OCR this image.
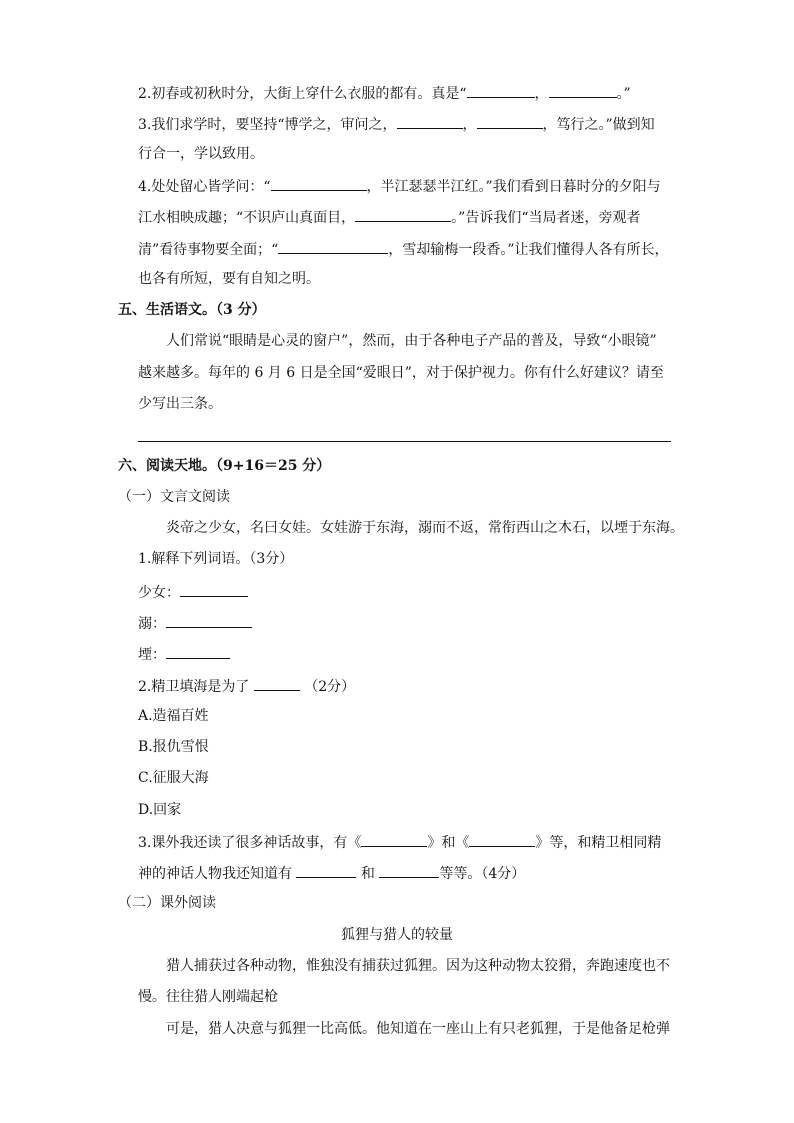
2.初春或初秋时分，大街上穿什么衣服的都有。真是“	，	。”
3.我们求学时，要坚持“博学之，审问之，	，	，笃行之。”做到知
行合一，学以致用。
4.处处留心皆学问：“	，半江瑟瑟半江红。”我们看到日暮时分的夕阳与
江水相映成趣；“不识庐山真面目，	。”告诉我们“当局者迷，旁观者
清”看待事物要全面；“	，雪却输梅一段香。”让我们懂得人各有所长，
也各有所短，要有自知之明。
五、生活语文。（3 分）
人们常说“眼睛是心灵的窗户”，然而，由于各种电子产品的普及，导致“小眼镜”
越来越多。每年的 6 月 6 日是全国“爱眼日”，对于保护视力。你有什么好建议？请至
少写出三条。
六、阅读天地。（9+16＝25 分）
（一）文言文阅读
炎帝之少女，名曰女娃。女娃游于东海，溺而不返，常衔西山之木石，以堙于东海。
1.解释下列词语。（3分）
少女：
溺：
堙：
2.精卫填海是为了	（2分）
A.造福百姓
B.报仇雪恨
C.征服大海
D.回家
3.课外我还读了很多神话故事，有《	》和《	》等，和精卫相同精
神的神话人物我还知道有	和	等等。（4分）
（二）课外阅读
狐狸与猎人的较量
猎人捕获过各种动物，惟独没有捕获过狐狸。因为这种动物太狡猾，奔跑速度也不
慢。往往猎人刚端起枪
可是，猎人决意与狐狸一比高低。他知道在一座山上有只老狐狸，于是他备足枪弹
